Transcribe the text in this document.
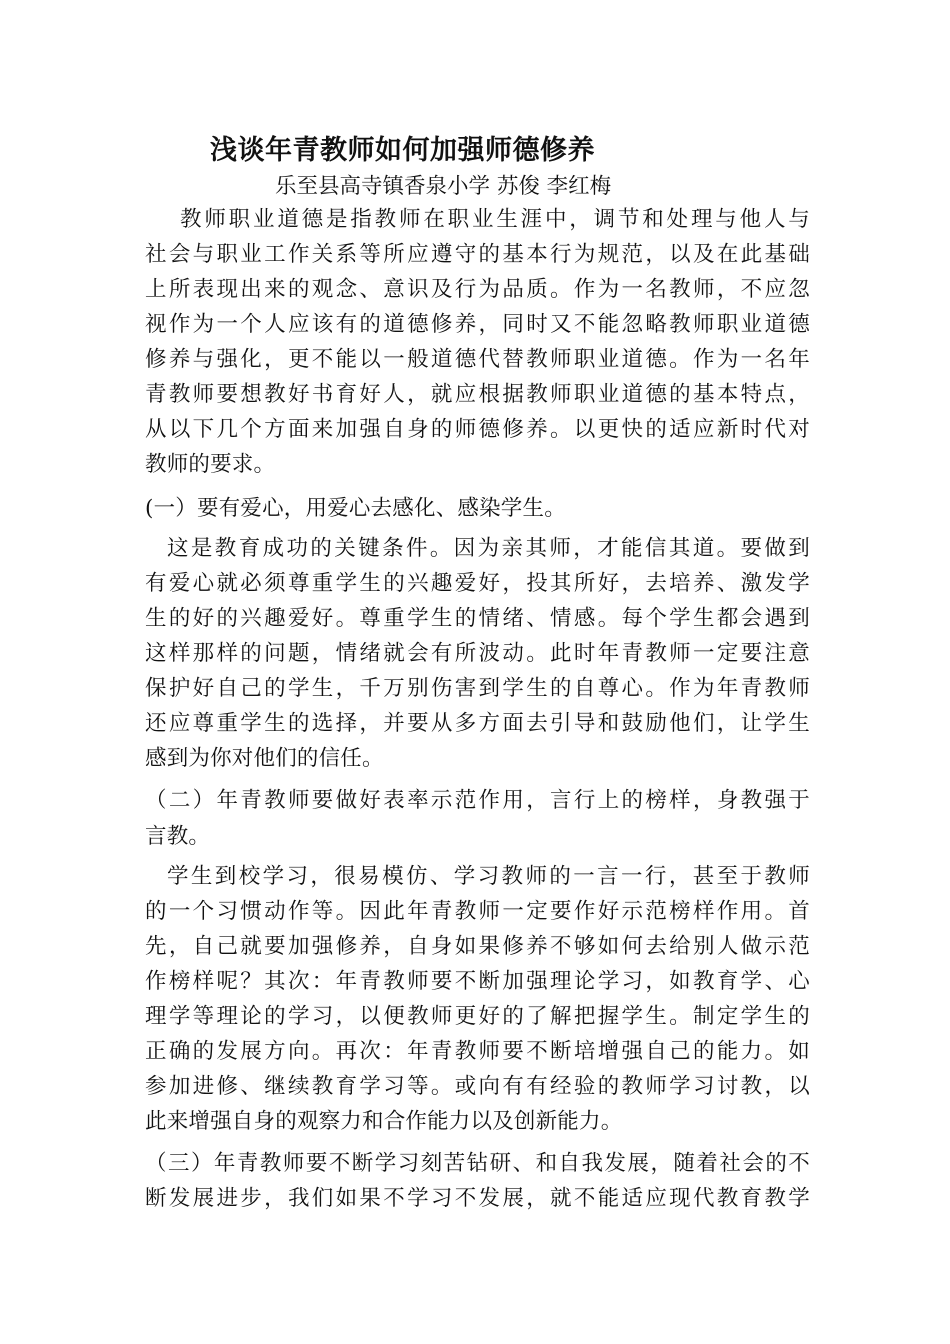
浅谈年青教师如何加强师德修养
乐至县高寺镇香泉小学 苏俊 李红梅
教师职业道德是指教师在职业生涯中，调节和处理与他人与
社会与职业工作关系等所应遵守的基本行为规范，以及在此基础
上所表现出来的观念、意识及行为品质。作为一名教师，不应忽
视作为一个人应该有的道德修养，同时又不能忽略教师职业道德
修养与强化，更不能以一般道德代替教师职业道德。作为一名年
青教师要想教好书育好人，就应根据教师职业道德的基本特点，
从以下几个方面来加强自身的师德修养。以更快的适应新时代对
教师的要求。
(一）要有爱心，用爱心去感化、感染学生。
这是教育成功的关键条件。因为亲其师，才能信其道。要做到
有爱心就必须尊重学生的兴趣爱好，投其所好，去培养、激发学
生的好的兴趣爱好。尊重学生的情绪、情感。每个学生都会遇到
这样那样的问题，情绪就会有所波动。此时年青教师一定要注意
保护好自己的学生，千万别伤害到学生的自尊心。作为年青教师
还应尊重学生的选择，并要从多方面去引导和鼓励他们，让学生
感到为你对他们的信任。
（二）年青教师要做好表率示范作用，言行上的榜样，身教强于
言教。
学生到校学习，很易模仿、学习教师的一言一行，甚至于教师
的一个习惯动作等。因此年青教师一定要作好示范榜样作用。首
先，自己就要加强修养，自身如果修养不够如何去给别人做示范
作榜样呢？其次：年青教师要不断加强理论学习，如教育学、心
理学等理论的学习，以便教师更好的了解把握学生。制定学生的
正确的发展方向。再次：年青教师要不断培增强自己的能力。如
参加进修、继续教育学习等。或向有有经验的教师学习讨教，以
此来增强自身的观察力和合作能力以及创新能力。
（三）年青教师要不断学习刻苦钻研、和自我发展，随着社会的不
断发展进步，我们如果不学习不发展，就不能适应现代教育教学
